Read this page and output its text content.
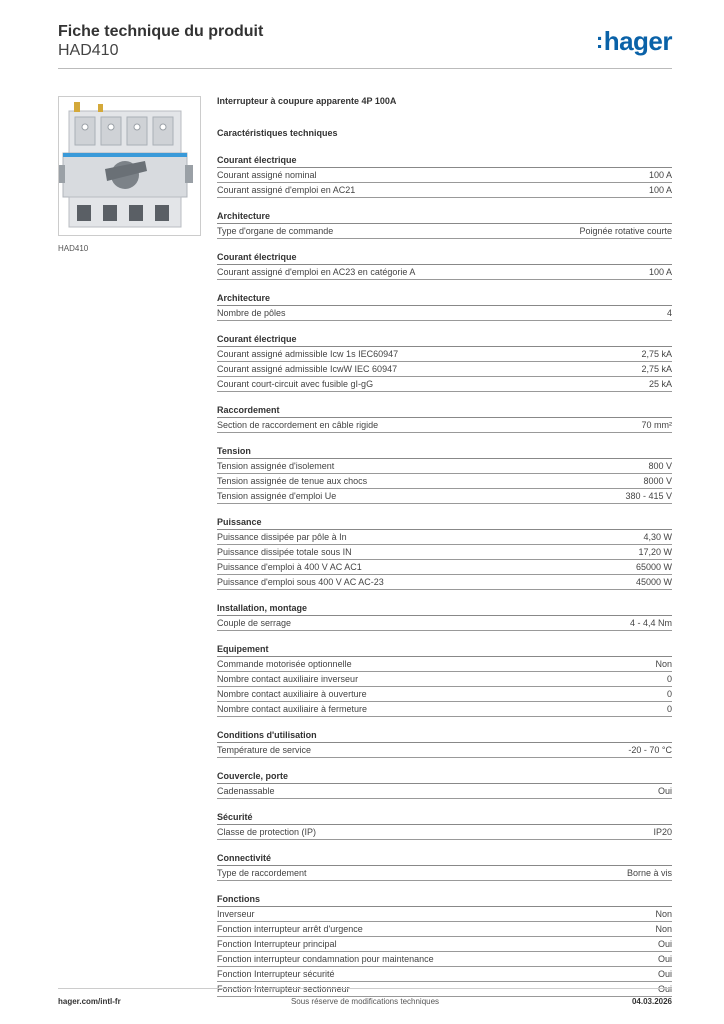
Fiche technique du produit
HAD410	:hager
HAD410
Interrupteur à coupure apparente 4P 100A
Caractéristiques techniques
Courant électrique
Courant assigné nominal	100 A
Courant assigné d'emploi en AC21	100 A
Architecture
Type d'organe de commande	Poignée rotative courte
Courant électrique
Courant assigné d'emploi en AC23 en catégorie A	100 A
Architecture
Nombre de pôles	4
Courant électrique
Courant assigné admissible Icw 1s IEC60947	2,75 kA
Courant assigné admissible IcwW IEC 60947	2,75 kA
Courant court-circuit avec fusible gI-gG	25 kA
Raccordement
Section de raccordement en câble rigide	70 mm²
Tension
Tension assignée d'isolement	800 V
Tension assignée de tenue aux chocs	8000 V
Tension assignée d'emploi Ue	380 - 415 V
Puissance
Puissance dissipée par pôle à In	4,30 W
Puissance dissipée totale sous IN	17,20 W
Puissance d'emploi à 400 V AC AC1	65000 W
Puissance d'emploi sous 400 V AC AC-23	45000 W
Installation, montage
Couple de serrage	4 - 4,4 Nm
Equipement
Commande motorisée optionnelle	Non
Nombre contact auxiliaire inverseur	0
Nombre contact auxiliaire à ouverture	0
Nombre contact auxiliaire à fermeture	0
Conditions d'utilisation
Température de service	-20 - 70 °C
Couvercle, porte
Cadenassable	Oui
Sécurité
Classe de protection (IP)	IP20
Connectivité
Type de raccordement	Borne à vis
Fonctions
Inverseur	Non
Fonction interrupteur arrêt d'urgence	Non
Fonction Interrupteur principal	Oui
Fonction interrupteur condamnation pour maintenance	Oui
Fonction Interrupteur sécurité	Oui
Fonction Interrupteur sectionneur	Oui
hager.com/intl-fr	Sous réserve de modifications techniques	04.03.2026
